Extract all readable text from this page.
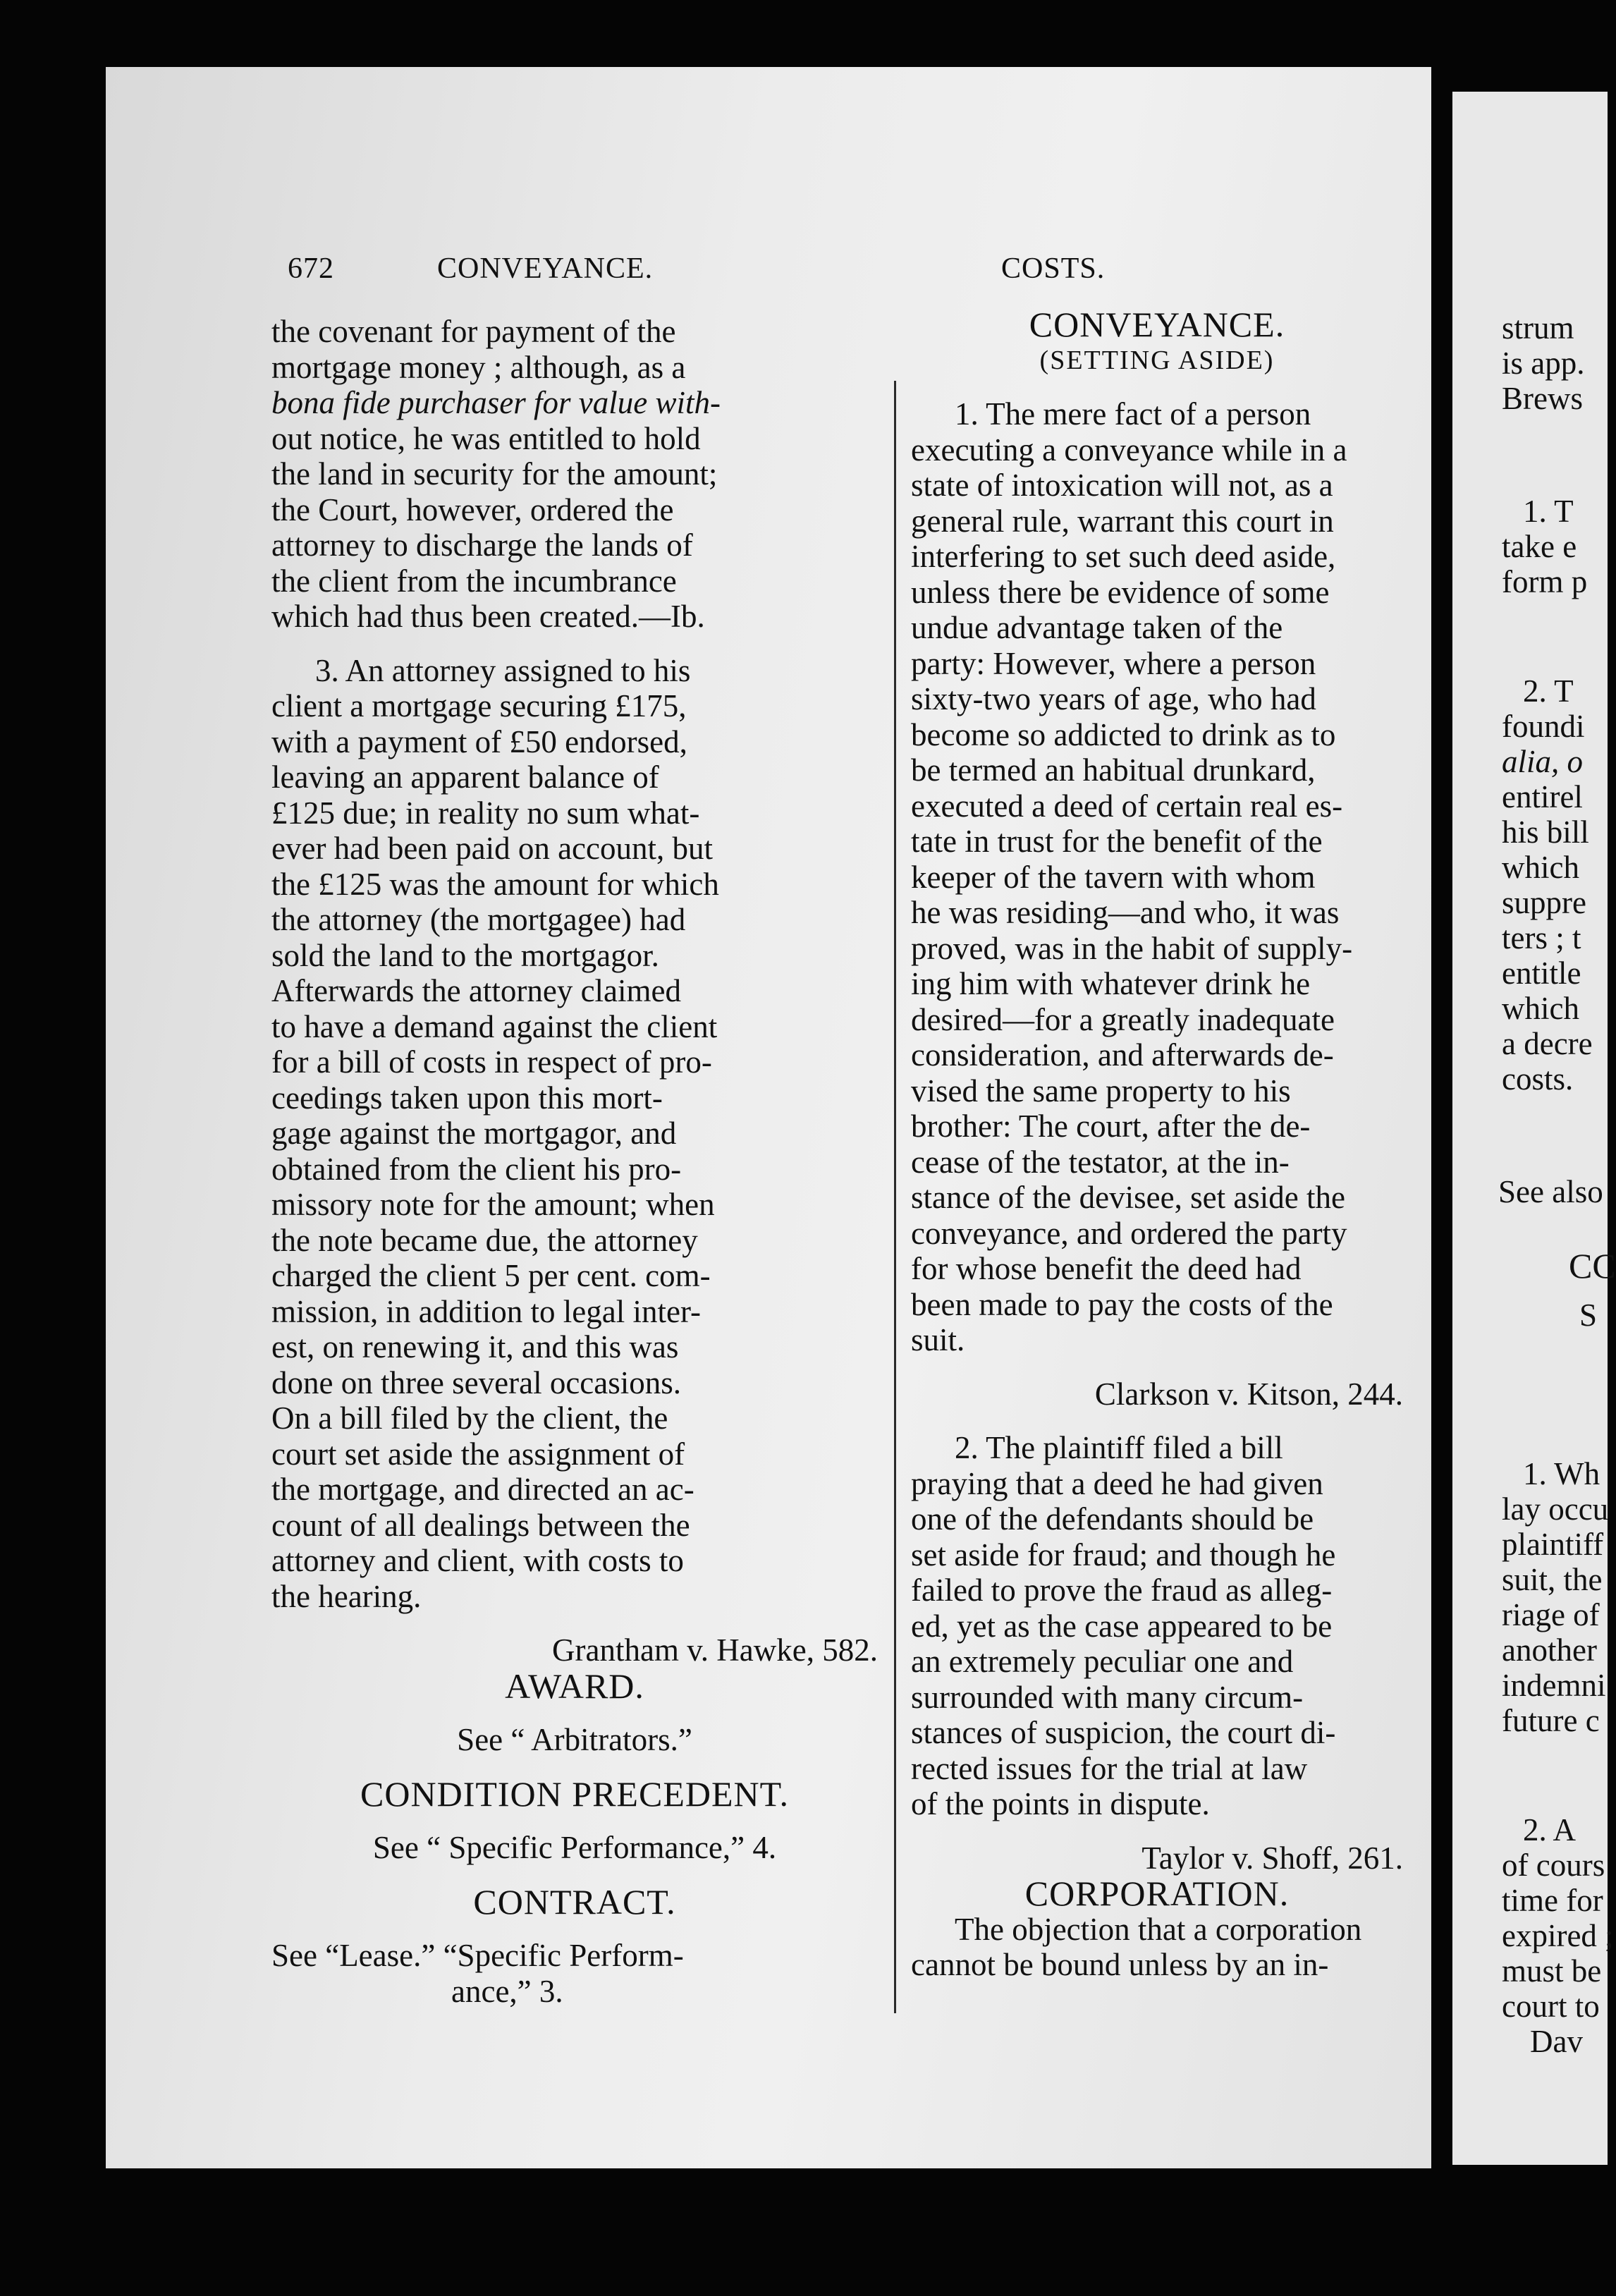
672	CONVEYANCE.	COSTS.

the covenant for payment of the

mortgage money ; although, as a

bona fide purchaser for value with-

out notice, he was entitled to hold

the land in security for the amount;

the Court, however, ordered the

attorney to discharge the lands of

the client from the incumbrance

which had thus been created.—Ib.

3. An attorney assigned to his

client a mortgage securing £175,

with a payment of £50 endorsed,

leaving an apparent balance of

£125 due; in reality no sum what-

ever had been paid on account, but

the £125 was the amount for which

the attorney (the mortgagee) had

sold the land to the mortgagor.

Afterwards the attorney claimed

to have a demand against the client

for a bill of costs in respect of pro-

ceedings taken upon this mort-

gage against the mortgagor, and

obtained from the client his pro-

missory note for the amount; when

the note became due, the attorney

charged the client 5 per cent. com-

mission, in addition to legal inter-

est, on renewing it, and this was

done on three several occasions.

On a bill filed by the client, the

court set aside the assignment of

the mortgage, and directed an ac-

count of all dealings between the

attorney and client, with costs to

the hearing.

Grantham v. Hawke, 582.

AWARD.

See “ Arbitrators.”

CONDITION PRECEDENT.

See “ Specific Performance,” 4.

CONTRACT.

See “Lease.” “Specific Perform-

ance,” 3.

CONVEYANCE.

(SETTING ASIDE)

1. The mere fact of a person

executing a conveyance while in a

state of intoxication will not, as a

general rule, warrant this court in

interfering to set such deed aside,

unless there be evidence of some

undue advantage taken of the

party: However, where a person

sixty-two years of age, who had

become so addicted to drink as to

be termed an habitual drunkard,

executed a deed of certain real es-

tate in trust for the benefit of the

keeper of the tavern with whom

he was residing—and who, it was

proved, was in the habit of supply-

ing him with whatever drink he

desired—for a greatly inadequate

consideration, and afterwards de-

vised the same property to his

brother: The court, after the de-

cease of the testator, at the in-

stance of the devisee, set aside the

conveyance, and ordered the party

for whose benefit the deed had

been made to pay the costs of the

suit.

Clarkson v. Kitson, 244.

2. The plaintiff filed a bill

praying that a deed he had given

one of the defendants should be

set aside for fraud; and though he

failed to prove the fraud as alleg-

ed, yet as the case appeared to be

an extremely peculiar one and

surrounded with many circum-

stances of suspicion, the court di-

rected issues for the trial at law

of the points in dispute.

Taylor v. Shoff, 261.

CORPORATION.

The objection that a corporation

cannot be bound unless by an in-

strum
is app.
Brews
1. T
take e
form p
2. T
foundi
alia, o
entirel
his bill
which
suppre
ters ; t
entitle
which
a decre
costs.
See also
CC
S
1. Wh
lay occu
plaintiff
suit, the
riage of
another
indemni
future c
2. A
of cours
time for
expired ;
must be
court to
Dav
